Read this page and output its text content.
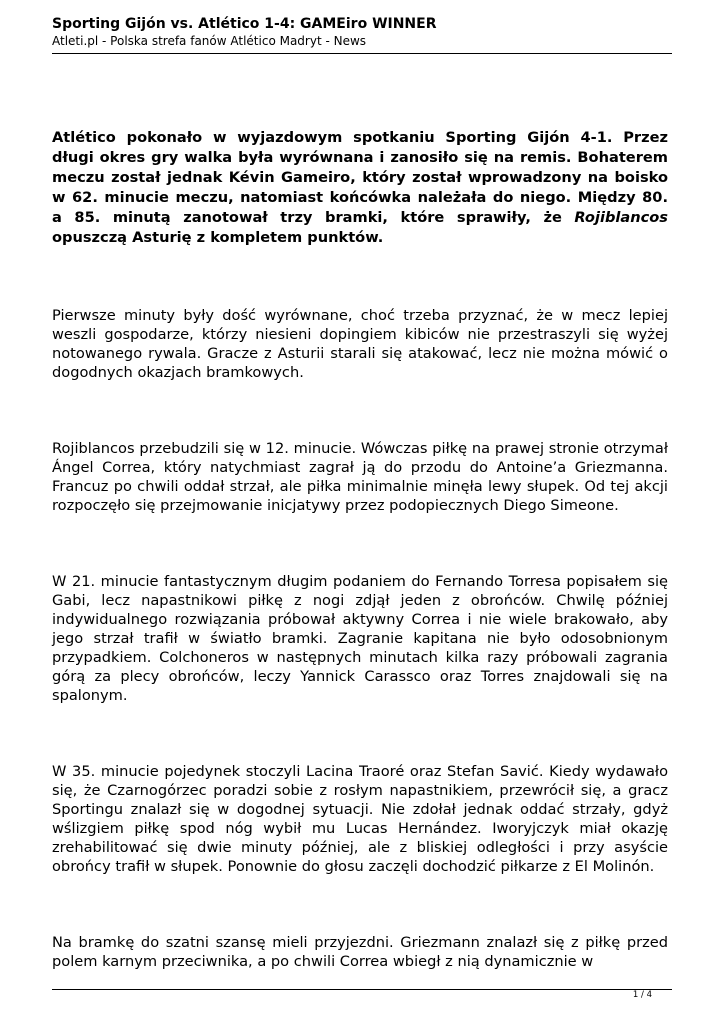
Sporting Gijón vs. Atlético 1-4: GAMEiro WINNER
Atleti.pl - Polska strefa fanów Atlético Madryt - News

Atlético pokonało w wyjazdowym spotkaniu Sporting Gijón 4-1. Przez długi okres gry walka była wyrównana i zanosiło się na remis. Bohaterem meczu został jednak Kévin Gameiro, który został wprowadzony na boisko w 62. minucie meczu, natomiast końcówka należała do niego. Między 80. a 85. minutą zanotował trzy bramki, które sprawiły, że Rojiblancos opuszczą Asturię z kompletem punktów.

Pierwsze minuty były dość wyrównane, choć trzeba przyznać, że w mecz lepiej weszli gospodarze, którzy niesieni dopingiem kibiców nie przestraszyli się wyżej notowanego rywala. Gracze z Asturii starali się atakować, lecz nie można mówić o dogodnych okazjach bramkowych.

Rojiblancos przebudzili się w 12. minucie. Wówczas piłkę na prawej stronie otrzymał Ángel Correa, który natychmiast zagrał ją do przodu do Antoine’a Griezmanna. Francuz po chwili oddał strzał, ale piłka minimalnie minęła lewy słupek. Od tej akcji rozpoczęło się przejmowanie inicjatywy przez podopiecznych Diego Simeone.

W 21. minucie fantastycznym długim podaniem do Fernando Torresa popisałem się Gabi, lecz napastnikowi piłkę z nogi zdjął jeden z obrońców. Chwilę później indywidualnego rozwiązania próbował aktywny Correa i nie wiele brakowało, aby jego strzał trafił w światło bramki. Zagranie kapitana nie było odosobnionym przypadkiem. Colchoneros w następnych minutach kilka razy próbowali zagrania górą za plecy obrońców, leczy Yannick Carassco oraz Torres znajdowali się na spalonym.

W 35. minucie pojedynek stoczyli Lacina Traoré oraz Stefan Savić. Kiedy wydawało się, że Czarnogórzec poradzi sobie z rosłym napastnikiem, przewrócił się, a gracz Sportingu znalazł się w dogodnej sytuacji. Nie zdołał jednak oddać strzały, gdyż wślizgiem piłkę spod nóg wybił mu Lucas Hernández. Iworyjczyk miał okazję zrehabilitować się dwie minuty później, ale z bliskiej odległości i przy asyście obrońcy trafił w słupek. Ponownie do głosu zaczęli dochodzić piłkarze z El Molinón.

Na bramkę do szatni szansę mieli przyjezdni. Griezmann znalazł się z piłkę przed polem karnym przeciwnika, a po chwili Correa wbiegł z nią dynamicznie w

1 / 4
